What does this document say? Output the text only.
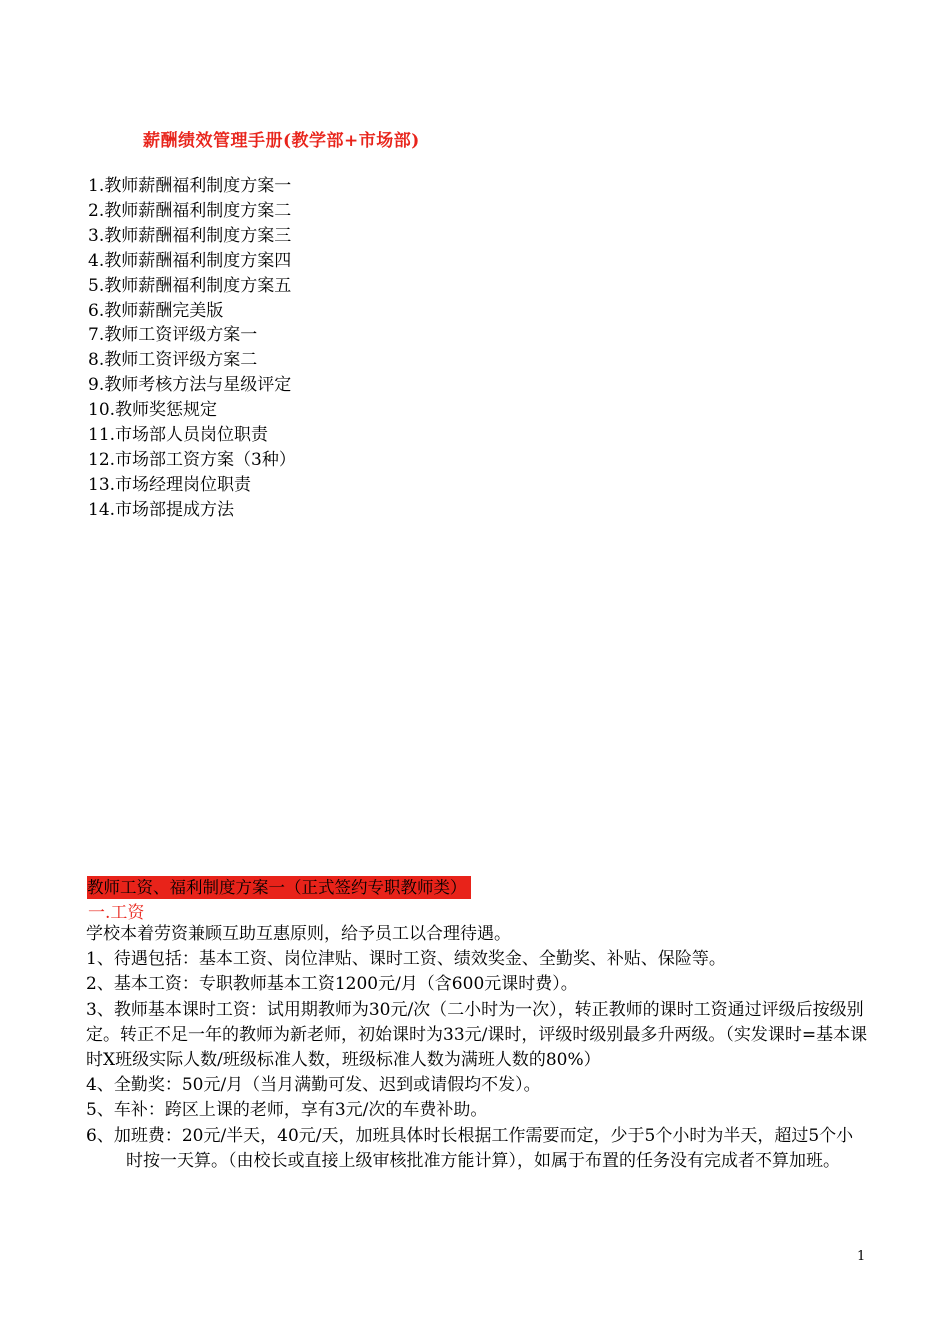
薪酬绩效管理手册(教学部+市场部)
1.教师薪酬福利制度方案一
2.教师薪酬福利制度方案二
3.教师薪酬福利制度方案三
4.教师薪酬福利制度方案四
5.教师薪酬福利制度方案五
6.教师薪酬完美版
7.教师工资评级方案一
8.教师工资评级方案二
9.教师考核方法与星级评定
10.教师奖惩规定
11.市场部人员岗位职责
12.市场部工资方案（3种）
13.市场经理岗位职责
14.市场部提成方法
教师工资、福利制度方案一（正式签约专职教师类）
一.工资

学校本着劳资兼顾互助互惠原则，给予员工以合理待遇。

1、待遇包括：基本工资、岗位津贴、课时工资、绩效奖金、全勤奖、补贴、保险等。

2、基本工资：专职教师基本工资1200元/月（含600元课时费）。

3、教师基本课时工资：试用期教师为30元/次（二小时为一次），转正教师的课时工资通过评级后按级别定。转正不足一年的教师为新老师，初始课时为33元/课时，评级时级别最多升两级。（实发课时=基本课时X班级实际人数/班级标准人数，班级标准人数为满班人数的80%）

4、全勤奖：50元/月（当月满勤可发、迟到或请假均不发）。

5、车补：跨区上课的老师，享有3元/次的车费补助。

6、加班费：20元/半天，40元/天，加班具体时长根据工作需要而定，少于5个小时为半天，超过5个小时按一天算。（由校长或直接上级审核批准方能计算），如属于布置的任务没有完成者不算加班。

1
